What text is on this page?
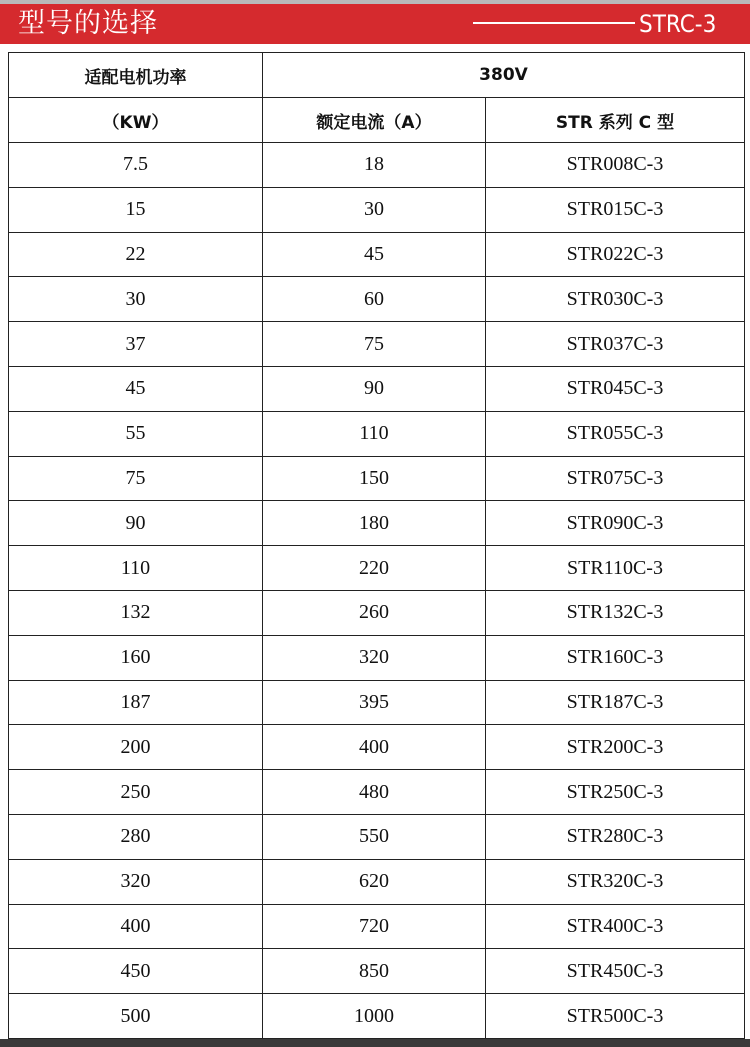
型号的选择	STRC-3
适配电机功率	380V	
（KW）	额定电流（A）	STR 系列 C 型
7.5	18	STR008C-3
15	30	STR015C-3
22	45	STR022C-3
30	60	STR030C-3
37	75	STR037C-3
45	90	STR045C-3
55	110	STR055C-3
75	150	STR075C-3
90	180	STR090C-3
110	220	STR110C-3
132	260	STR132C-3
160	320	STR160C-3
187	395	STR187C-3
200	400	STR200C-3
250	480	STR250C-3
280	550	STR280C-3
320	620	STR320C-3
400	720	STR400C-3
450	850	STR450C-3
500	1000	STR500C-3
